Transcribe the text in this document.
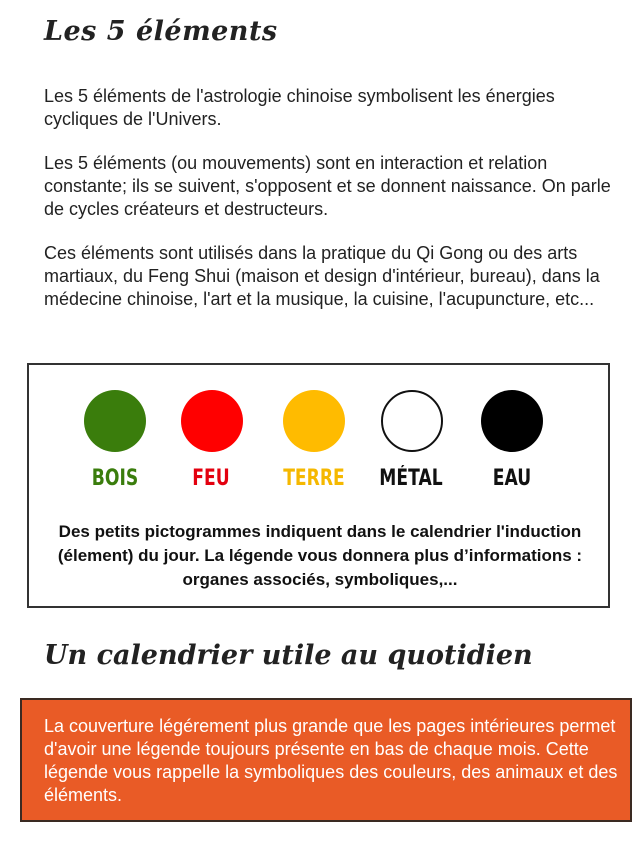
Les 5 éléments

Les 5 éléments de l'astrologie chinoise symbolisent les énergies cycliques de l'Univers.

Les 5 éléments (ou mouvements) sont en interaction et relation constante; ils se suivent, s'opposent et se donnent naissance. On parle de cycles créateurs et destructeurs.

Ces éléments sont utilisés dans la pratique du Qi Gong ou des arts martiaux, du Feng Shui (maison et design d'intérieur, bureau), dans la médecine chinoise, l'art et la musique, la cuisine, l'acupuncture, etc...

BOIS	FEU	TERRE MÉTAL	EAU
Des petits pictogrammes indiquent dans le calendrier l'induction (élement) du jour. La légende vous donnera plus d’informations : organes associés, symboliques,...
Un calendrier utile au quotidien
La couverture légérement plus grande que les pages intérieures permet d'avoir une légende toujours présente en bas de chaque mois. Cette légende vous rappelle la symboliques des couleurs, des animaux et des éléments.
